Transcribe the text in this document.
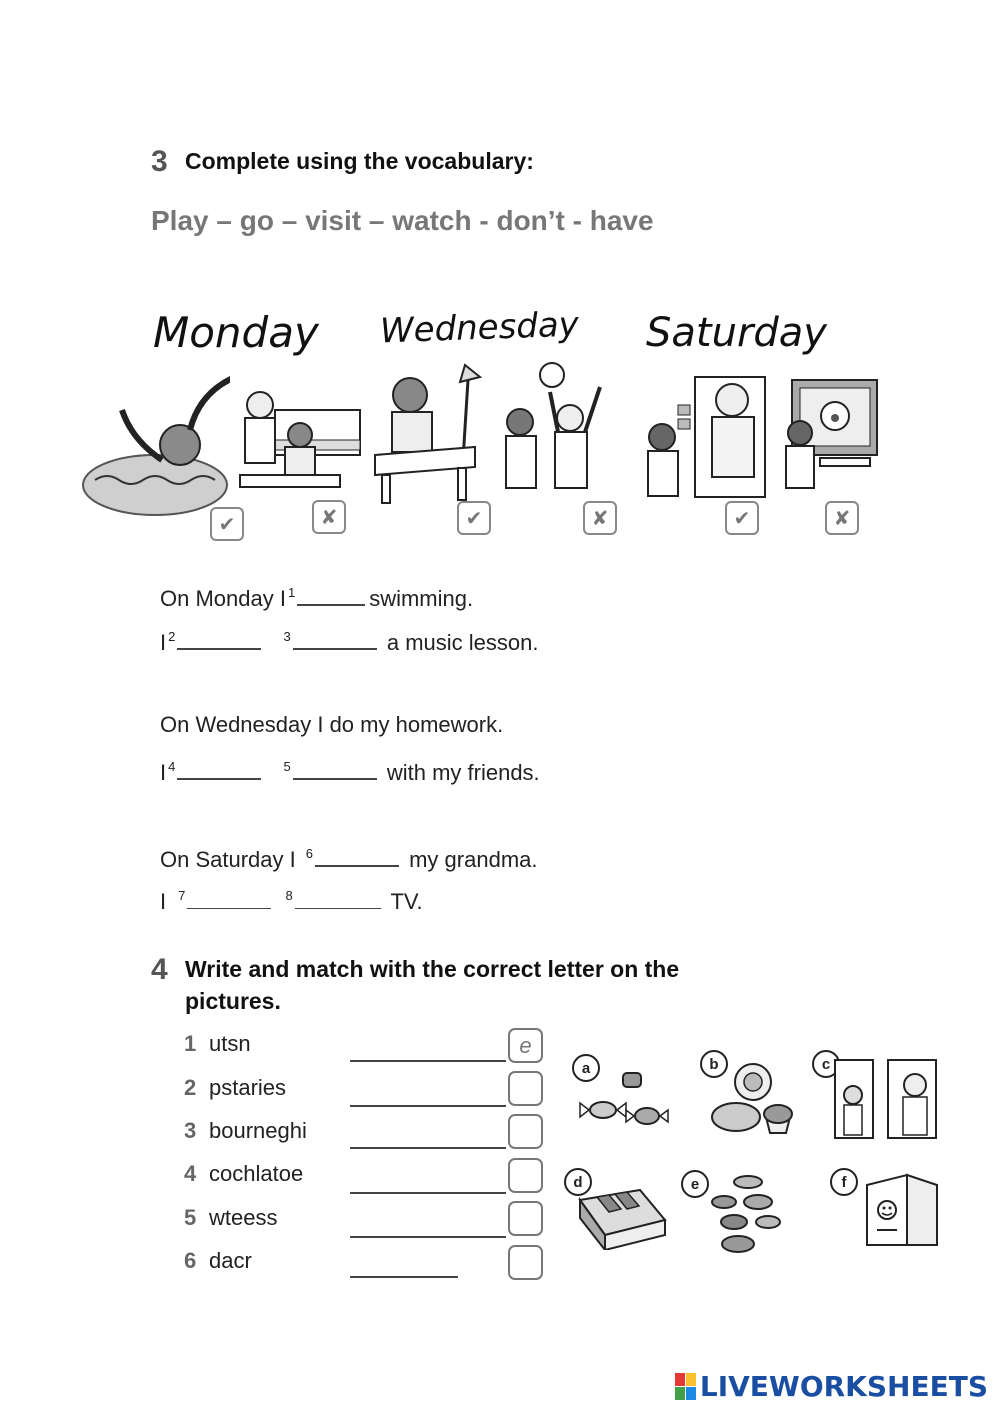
3 Complete using the vocabulary:
Play – go – visit – watch - don’t - have
Monday Wednesday Saturday
✔	✘	✔	✘	✔	✘
On Monday I $^1$	swimming.
I $^2$	$^3$	a music lesson.
On Wednesday I do my homework.
I $^4$	$^5$	with my friends.
On Saturday I $^6$	my grandma.
I $^7$	$^8$	TV.
4 Write and match with the correct letter on the
pictures.
1 utsn	e
2 pstaries
3 bourneghi
4 cochlatoe
5 wteess
6 dacr
a	b	c
d	e	f
LIVEWORKSHEETS
